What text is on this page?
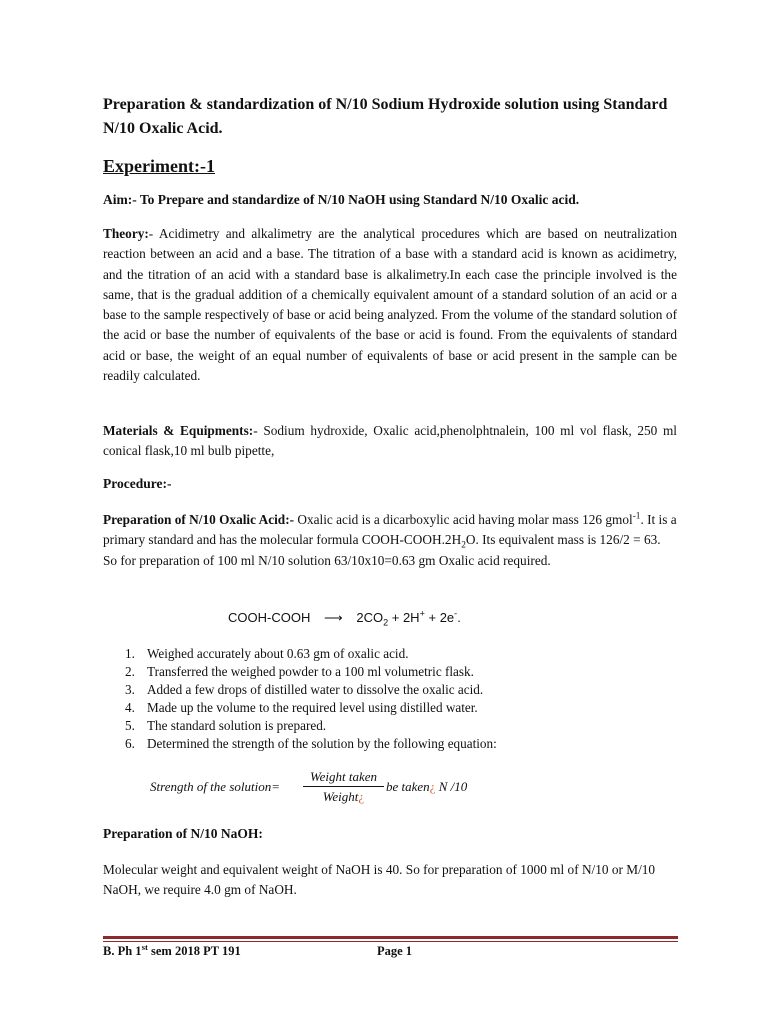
Preparation & standardization of N/10 Sodium Hydroxide solution using Standard N/10 Oxalic Acid.
Experiment:-1
Aim:- To Prepare and standardize of N/10 NaOH using Standard N/10 Oxalic acid.

Theory:- Acidimetry and alkalimetry are the analytical procedures which are based on neutralization reaction between an acid and a base. The titration of a base with a standard acid is known as acidimetry, and the titration of an acid with a standard base is alkalimetry.In each case the principle involved is the same, that is the gradual addition of a chemically equivalent amount of a standard solution of an acid or a base to the sample respectively of base or acid being analyzed. From the volume of the standard solution of the acid or base the number of equivalents of the base or acid is found. From the equivalents of standard acid or base, the weight of an equal number of equivalents of base or acid present in the sample can be readily calculated.

Materials & Equipments:- Sodium hydroxide, Oxalic acid,phenolphtnalein, 100 ml vol flask, 250 ml conical flask,10 ml bulb pipette,

Procedure:-

Preparation of N/10 Oxalic Acid:- Oxalic acid is a dicarboxylic acid having molar mass 126 gmol$^{-1}$. It is a primary standard and has the molecular formula COOH-$COOH.2H_2O$. Its equivalent mass is 126/2 = 63. So for preparation of 100 ml N/10 solution 63/10x10=0.63 gm Oxalic acid required.

COOH-COOH ⟶ $2CO_2 + 2H^+ + 2e^-$.
1. Weighed accurately about 0.63 gm of oxalic acid.
2. Transferred the weighed powder to a 100 ml volumetric flask.
3. Added a few drops of distilled water to dissolve the oxalic acid.
4. Made up the volume to the required level using distilled water.
5. The standard solution is prepared.
6. Determined the strength of the solution by the following equation:
Strength of the solution=
Weight taken
Weight¿
be taken¿ N /10
Preparation of N/10 NaOH:

Molecular weight and equivalent weight of NaOH is 40. So for preparation of 1000 ml of N/10 or M/10 NaOH, we require 4.0 gm of NaOH.

B. Ph 1st sem 2018 PT 191	Page 1
